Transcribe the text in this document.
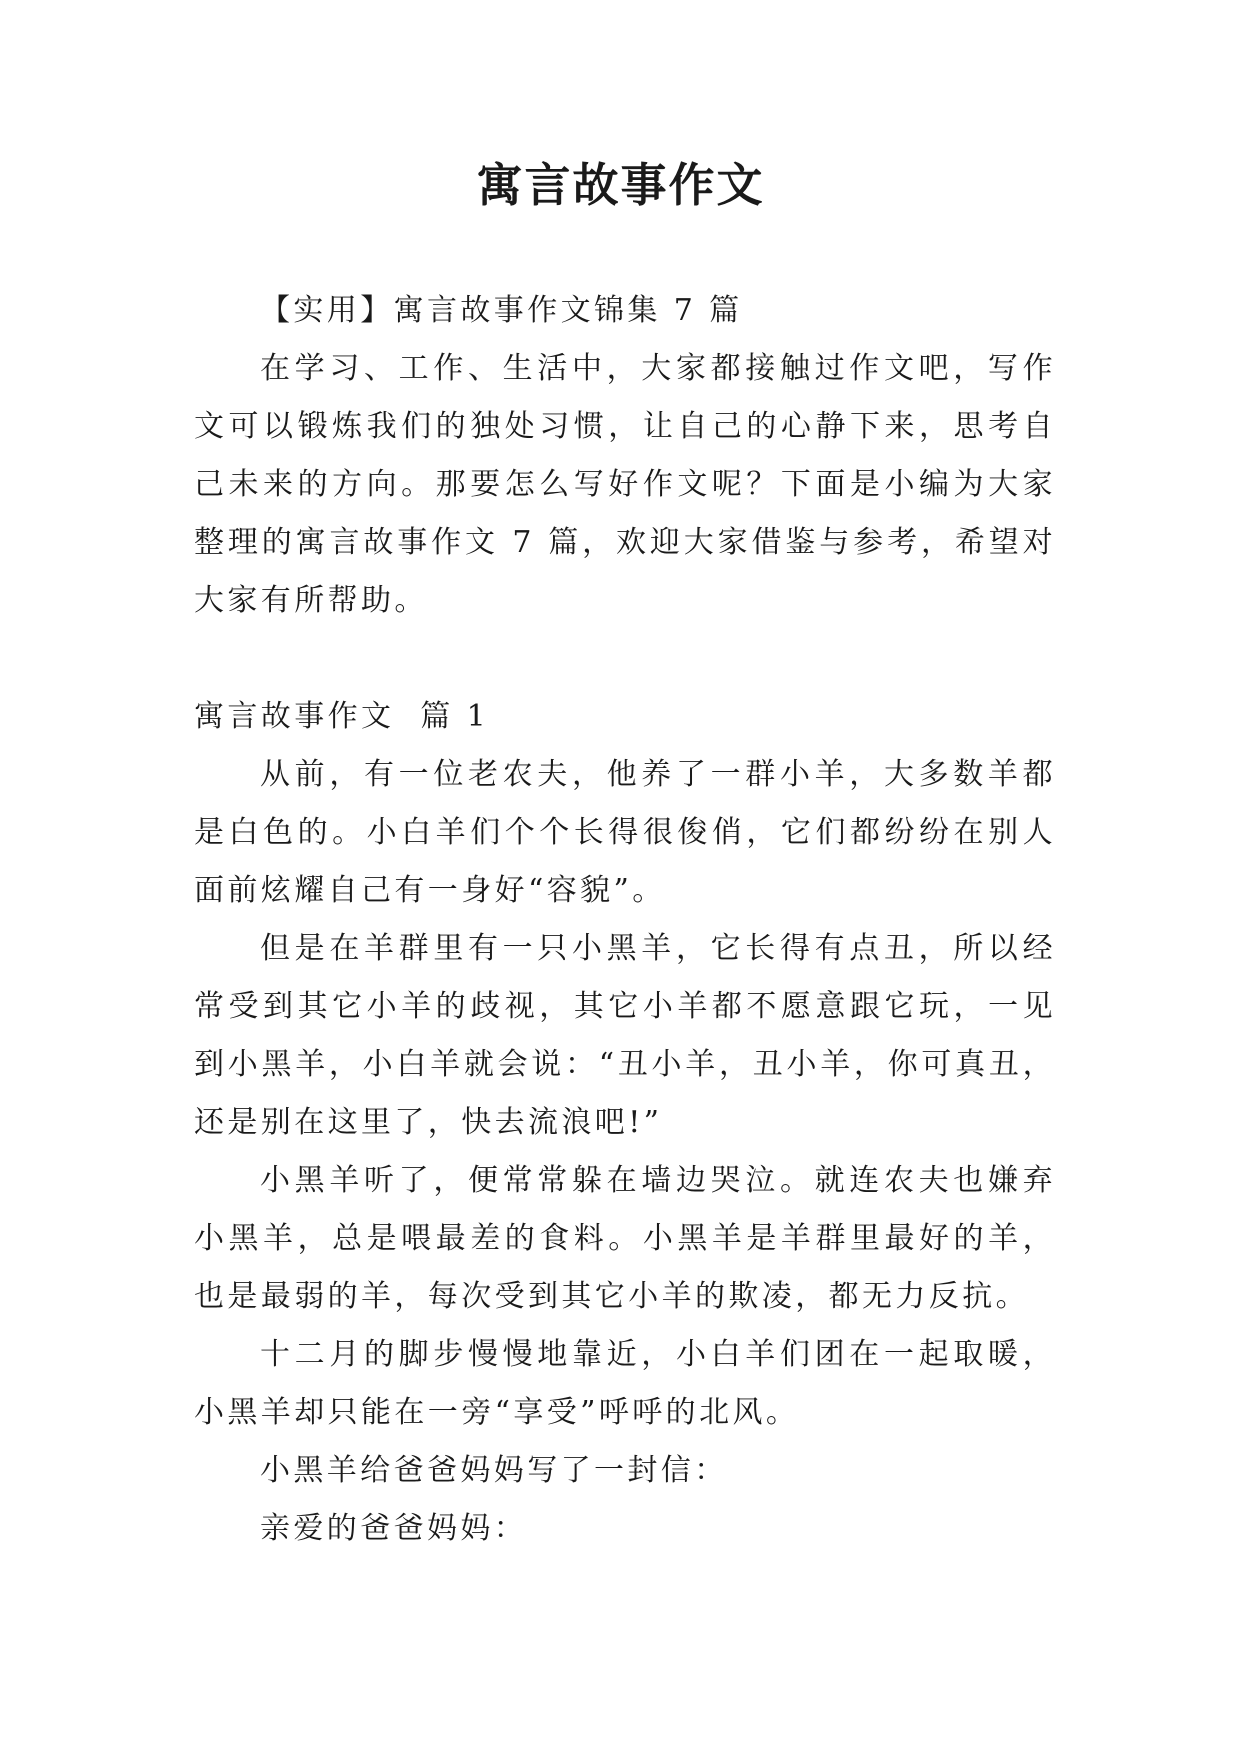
寓言故事作文

【实用】寓言故事作文锦集 7 篇

在学习、工作、生活中，大家都接触过作文吧，写作文可以锻炼我们的独处习惯，让自己的心静下来，思考自己未来的方向。那要怎么写好作文呢？下面是小编为大家整理的寓言故事作文 7 篇，欢迎大家借鉴与参考，希望对大家有所帮助。

寓言故事作文  篇 1

从前，有一位老农夫，他养了一群小羊，大多数羊都是白色的。小白羊们个个长得很俊俏，它们都纷纷在别人面前炫耀自己有一身好“容貌”。

但是在羊群里有一只小黑羊，它长得有点丑，所以经常受到其它小羊的歧视，其它小羊都不愿意跟它玩，一见到小黑羊，小白羊就会说：“丑小羊，丑小羊，你可真丑，还是别在这里了，快去流浪吧!”

小黑羊听了，便常常躲在墙边哭泣。就连农夫也嫌弃小黑羊，总是喂最差的食料。小黑羊是羊群里最好的羊，也是最弱的羊，每次受到其它小羊的欺凌，都无力反抗。

十二月的脚步慢慢地靠近，小白羊们团在一起取暖，小黑羊却只能在一旁“享受”呼呼的北风。

小黑羊给爸爸妈妈写了一封信：

亲爱的爸爸妈妈：
